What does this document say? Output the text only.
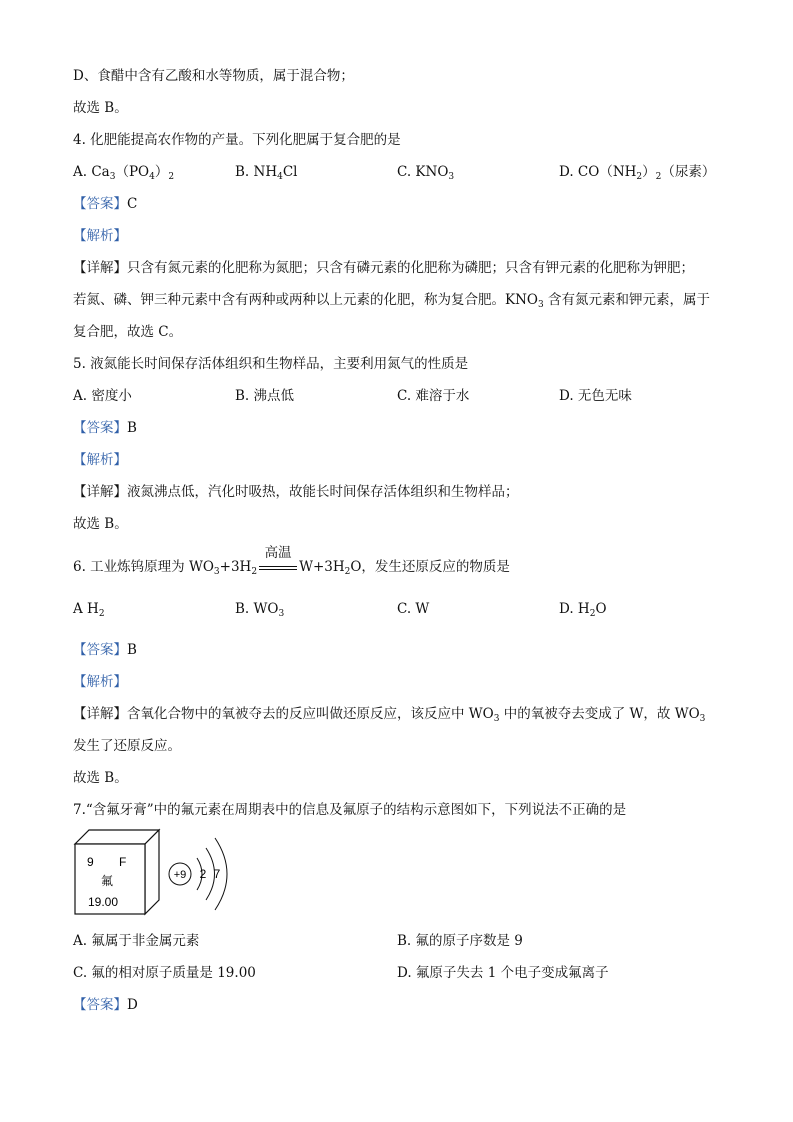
D、食醋中含有乙酸和水等物质，属于混合物；
故选 B。
4. 化肥能提高农作物的产量。下列化肥属于复合肥的是
A. $Ca_3(PO_4)_2$	B. $NH_4Cl$	C. $KNO_3$	D. $CO(NH_2)_2$（尿素）
【答案】C
【解析】
【详解】只含有氮元素的化肥称为氮肥；只含有磷元素的化肥称为磷肥；只含有钾元素的化肥称为钾肥；
若氮、磷、钾三种元素中含有两种或两种以上元素的化肥，称为复合肥。$KNO_3$ 含有氮元素和钾元素，属于
复合肥，故选 C。
5. 液氮能长时间保存活体组织和生物样品，主要利用氮气的性质是
A. 密度小	B. 沸点低	C. 难溶于水	D. 无色无味
【答案】B
【解析】
【详解】液氮沸点低，汽化时吸热，故能长时间保存活体组织和生物样品；
故选 B。
6. 工业炼钨原理为 $WO_3+3H_2$
高温
$W+3H_2O$，发生还原反应的物质是
A $H_2$	B. $WO_3$	C. W	D. $H_2O$
【答案】B
【解析】
【详解】含氧化合物中的氧被夺去的反应叫做还原反应，该反应中 $WO_3$ 中的氧被夺去变成了 W，故 $WO_3$
发生了还原反应。
故选 B。
7.“含氟牙膏”中的氟元素在周期表中的信息及氟原子的结构示意图如下，下列说法不正确的是
9 F
氟
19.00
+9 2 7
A. 氟属于非金属元素	B. 氟的原子序数是 9
C. 氟的相对原子质量是 19.00	D. 氟原子失去 1 个电子变成氟离子
【答案】D
